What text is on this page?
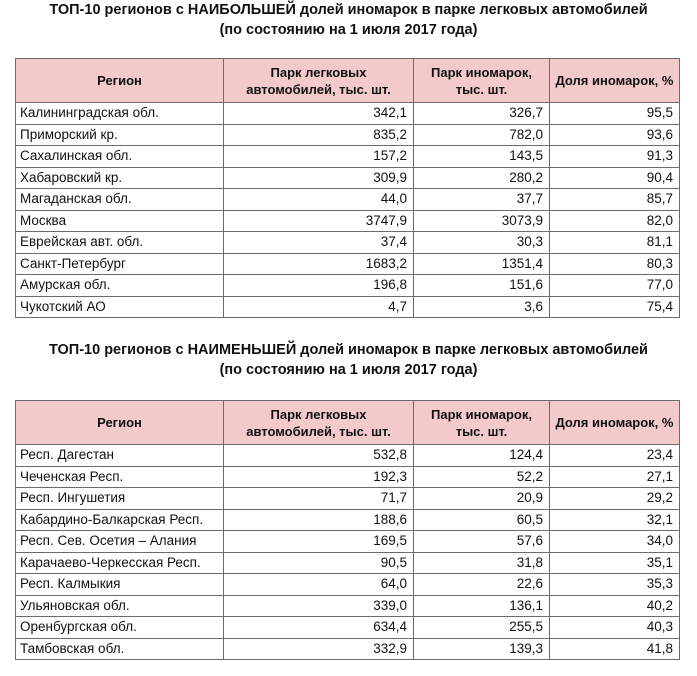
ТОП-10 регионов с НАИБОЛЬШЕЙ долей иномарок в парке легковых автомобилей
(по состоянию на 1 июля 2017 года)
Регион	Парк легковых автомобилей, тыс. шт.	Парк иномарок, тыс. шт.	Доля иномарок, %
Калининградская обл.	342,1	326,7	95,5
Приморский кр.	835,2	782,0	93,6
Сахалинская обл.	157,2	143,5	91,3
Хабаровский кр.	309,9	280,2	90,4
Магаданская обл.	44,0	37,7	85,7
Москва	3747,9	3073,9	82,0
Еврейская авт. обл.	37,4	30,3	81,1
Санкт-Петербург	1683,2	1351,4	80,3
Амурская обл.	196,8	151,6	77,0
Чукотский АО	4,7	3,6	75,4
ТОП-10 регионов с НАИМЕНЬШЕЙ долей иномарок в парке легковых автомобилей
(по состоянию на 1 июля 2017 года)
Регион	Парк легковых автомобилей, тыс. шт.	Парк иномарок, тыс. шт.	Доля иномарок, %
Респ. Дагестан	532,8	124,4	23,4
Чеченская Респ.	192,3	52,2	27,1
Респ. Ингушетия	71,7	20,9	29,2
Кабардино-Балкарская Респ.	188,6	60,5	32,1
Респ. Сев. Осетия – Алания	169,5	57,6	34,0
Карачаево-Черкесская Респ.	90,5	31,8	35,1
Респ. Калмыкия	64,0	22,6	35,3
Ульяновская обл.	339,0	136,1	40,2
Оренбургская обл.	634,4	255,5	40,3
Тамбовская обл.	332,9	139,3	41,8
